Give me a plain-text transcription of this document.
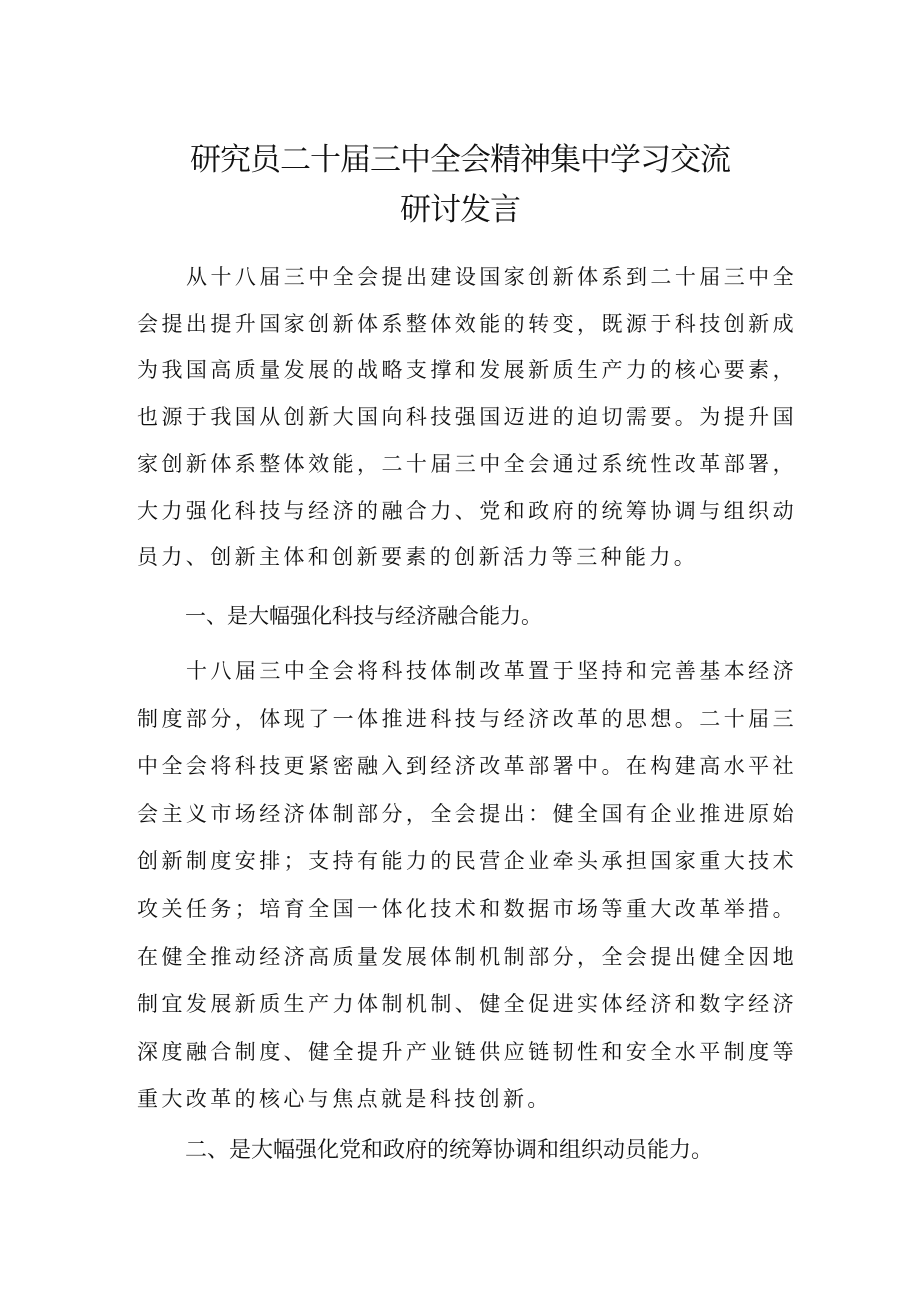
研究员二十届三中全会精神集中学习交流
研讨发言

从十八届三中全会提出建设国家创新体系到二十届三中全会提出提升国家创新体系整体效能的转变，既源于科技创新成为我国高质量发展的战略支撑和发展新质生产力的核心要素，也源于我国从创新大国向科技强国迈进的迫切需要。为提升国家创新体系整体效能，二十届三中全会通过系统性改革部署，大力强化科技与经济的融合力、党和政府的统筹协调与组织动员力、创新主体和创新要素的创新活力等三种能力。

一、是大幅强化科技与经济融合能力。

十八届三中全会将科技体制改革置于坚持和完善基本经济制度部分，体现了一体推进科技与经济改革的思想。二十届三中全会将科技更紧密融入到经济改革部署中。在构建高水平社会主义市场经济体制部分，全会提出：健全国有企业推进原始创新制度安排；支持有能力的民营企业牵头承担国家重大技术攻关任务；培育全国一体化技术和数据市场等重大改革举措。在健全推动经济高质量发展体制机制部分，全会提出健全因地制宜发展新质生产力体制机制、健全促进实体经济和数字经济深度融合制度、健全提升产业链供应链韧性和安全水平制度等重大改革的核心与焦点就是科技创新。

二、是大幅强化党和政府的统筹协调和组织动员能力。
